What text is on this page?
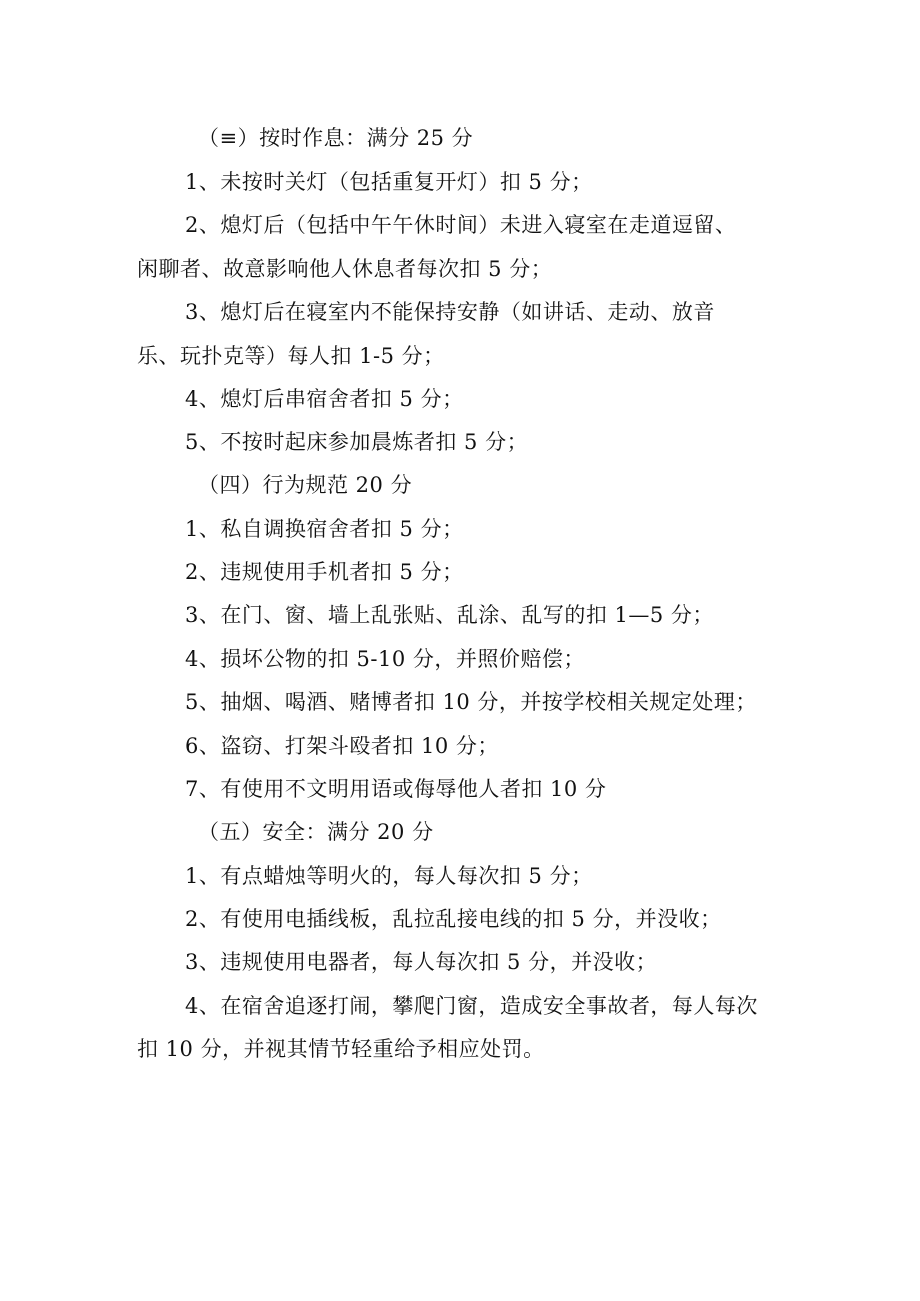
（≡）按时作息：满分 25 分
1、未按时关灯（包括重复开灯）扣 5 分；
2、熄灯后（包括中午午休时间）未进入寝室在走道逗留、
闲聊者、故意影响他人休息者每次扣 5 分；
3、熄灯后在寝室内不能保持安静（如讲话、走动、放音
乐、玩扑克等）每人扣 1-5 分；
4、熄灯后串宿舍者扣 5 分；
5、不按时起床参加晨炼者扣 5 分；
（四）行为规范 20 分
1、私自调换宿舍者扣 5 分；
2、违规使用手机者扣 5 分；
3、在门、窗、墙上乱张贴、乱涂、乱写的扣 1—5 分；
4、损坏公物的扣 5-10 分，并照价赔偿；
5、抽烟、喝酒、赌博者扣 10 分，并按学校相关规定处理；
6、盗窃、打架斗殴者扣 10 分；
7、有使用不文明用语或侮辱他人者扣 10 分
（五）安全：满分 20 分
1、有点蜡烛等明火的，每人每次扣 5 分；
2、有使用电插线板，乱拉乱接电线的扣 5 分，并没收；
3、违规使用电器者，每人每次扣 5 分，并没收；
4、在宿舍追逐打闹，攀爬门窗，造成安全事故者，每人每次
扣 10 分，并视其情节轻重给予相应处罚。
